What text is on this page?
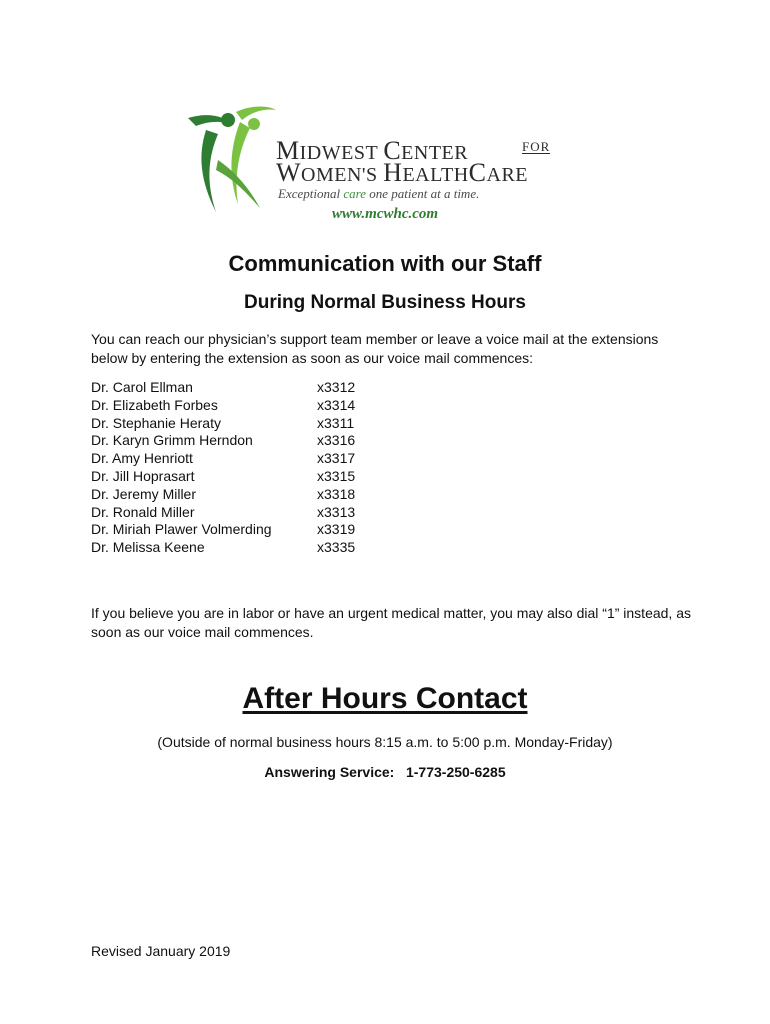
MIDWEST CENTER	FOR
WOMEN'S HEALTHCARE
Exceptional care one patient at a time.
www.mcwhc.com
Communication with our Staff
During Normal Business Hours

You can reach our physician’s support team member or leave a voice mail at the extensions below by entering the extension as soon as our voice mail commences:

Dr. Carol Ellman	x3312
Dr. Elizabeth Forbes	x3314
Dr. Stephanie Heraty	x3311
Dr. Karyn Grimm Herndon	x3316
Dr. Amy Henriott	x3317
Dr. Jill Hoprasart	x3315
Dr. Jeremy Miller	x3318
Dr. Ronald Miller	x3313
Dr. Miriah Plawer Volmerding	x3319
Dr. Melissa Keene	x3335

If you believe you are in labor or have an urgent medical matter, you may also dial “1” instead, as soon as our voice mail commences.

After Hours Contact

(Outside of normal business hours 8:15 a.m. to 5:00 p.m. Monday-Friday)

Answering Service:   1-773-250-6285

Revised January 2019
